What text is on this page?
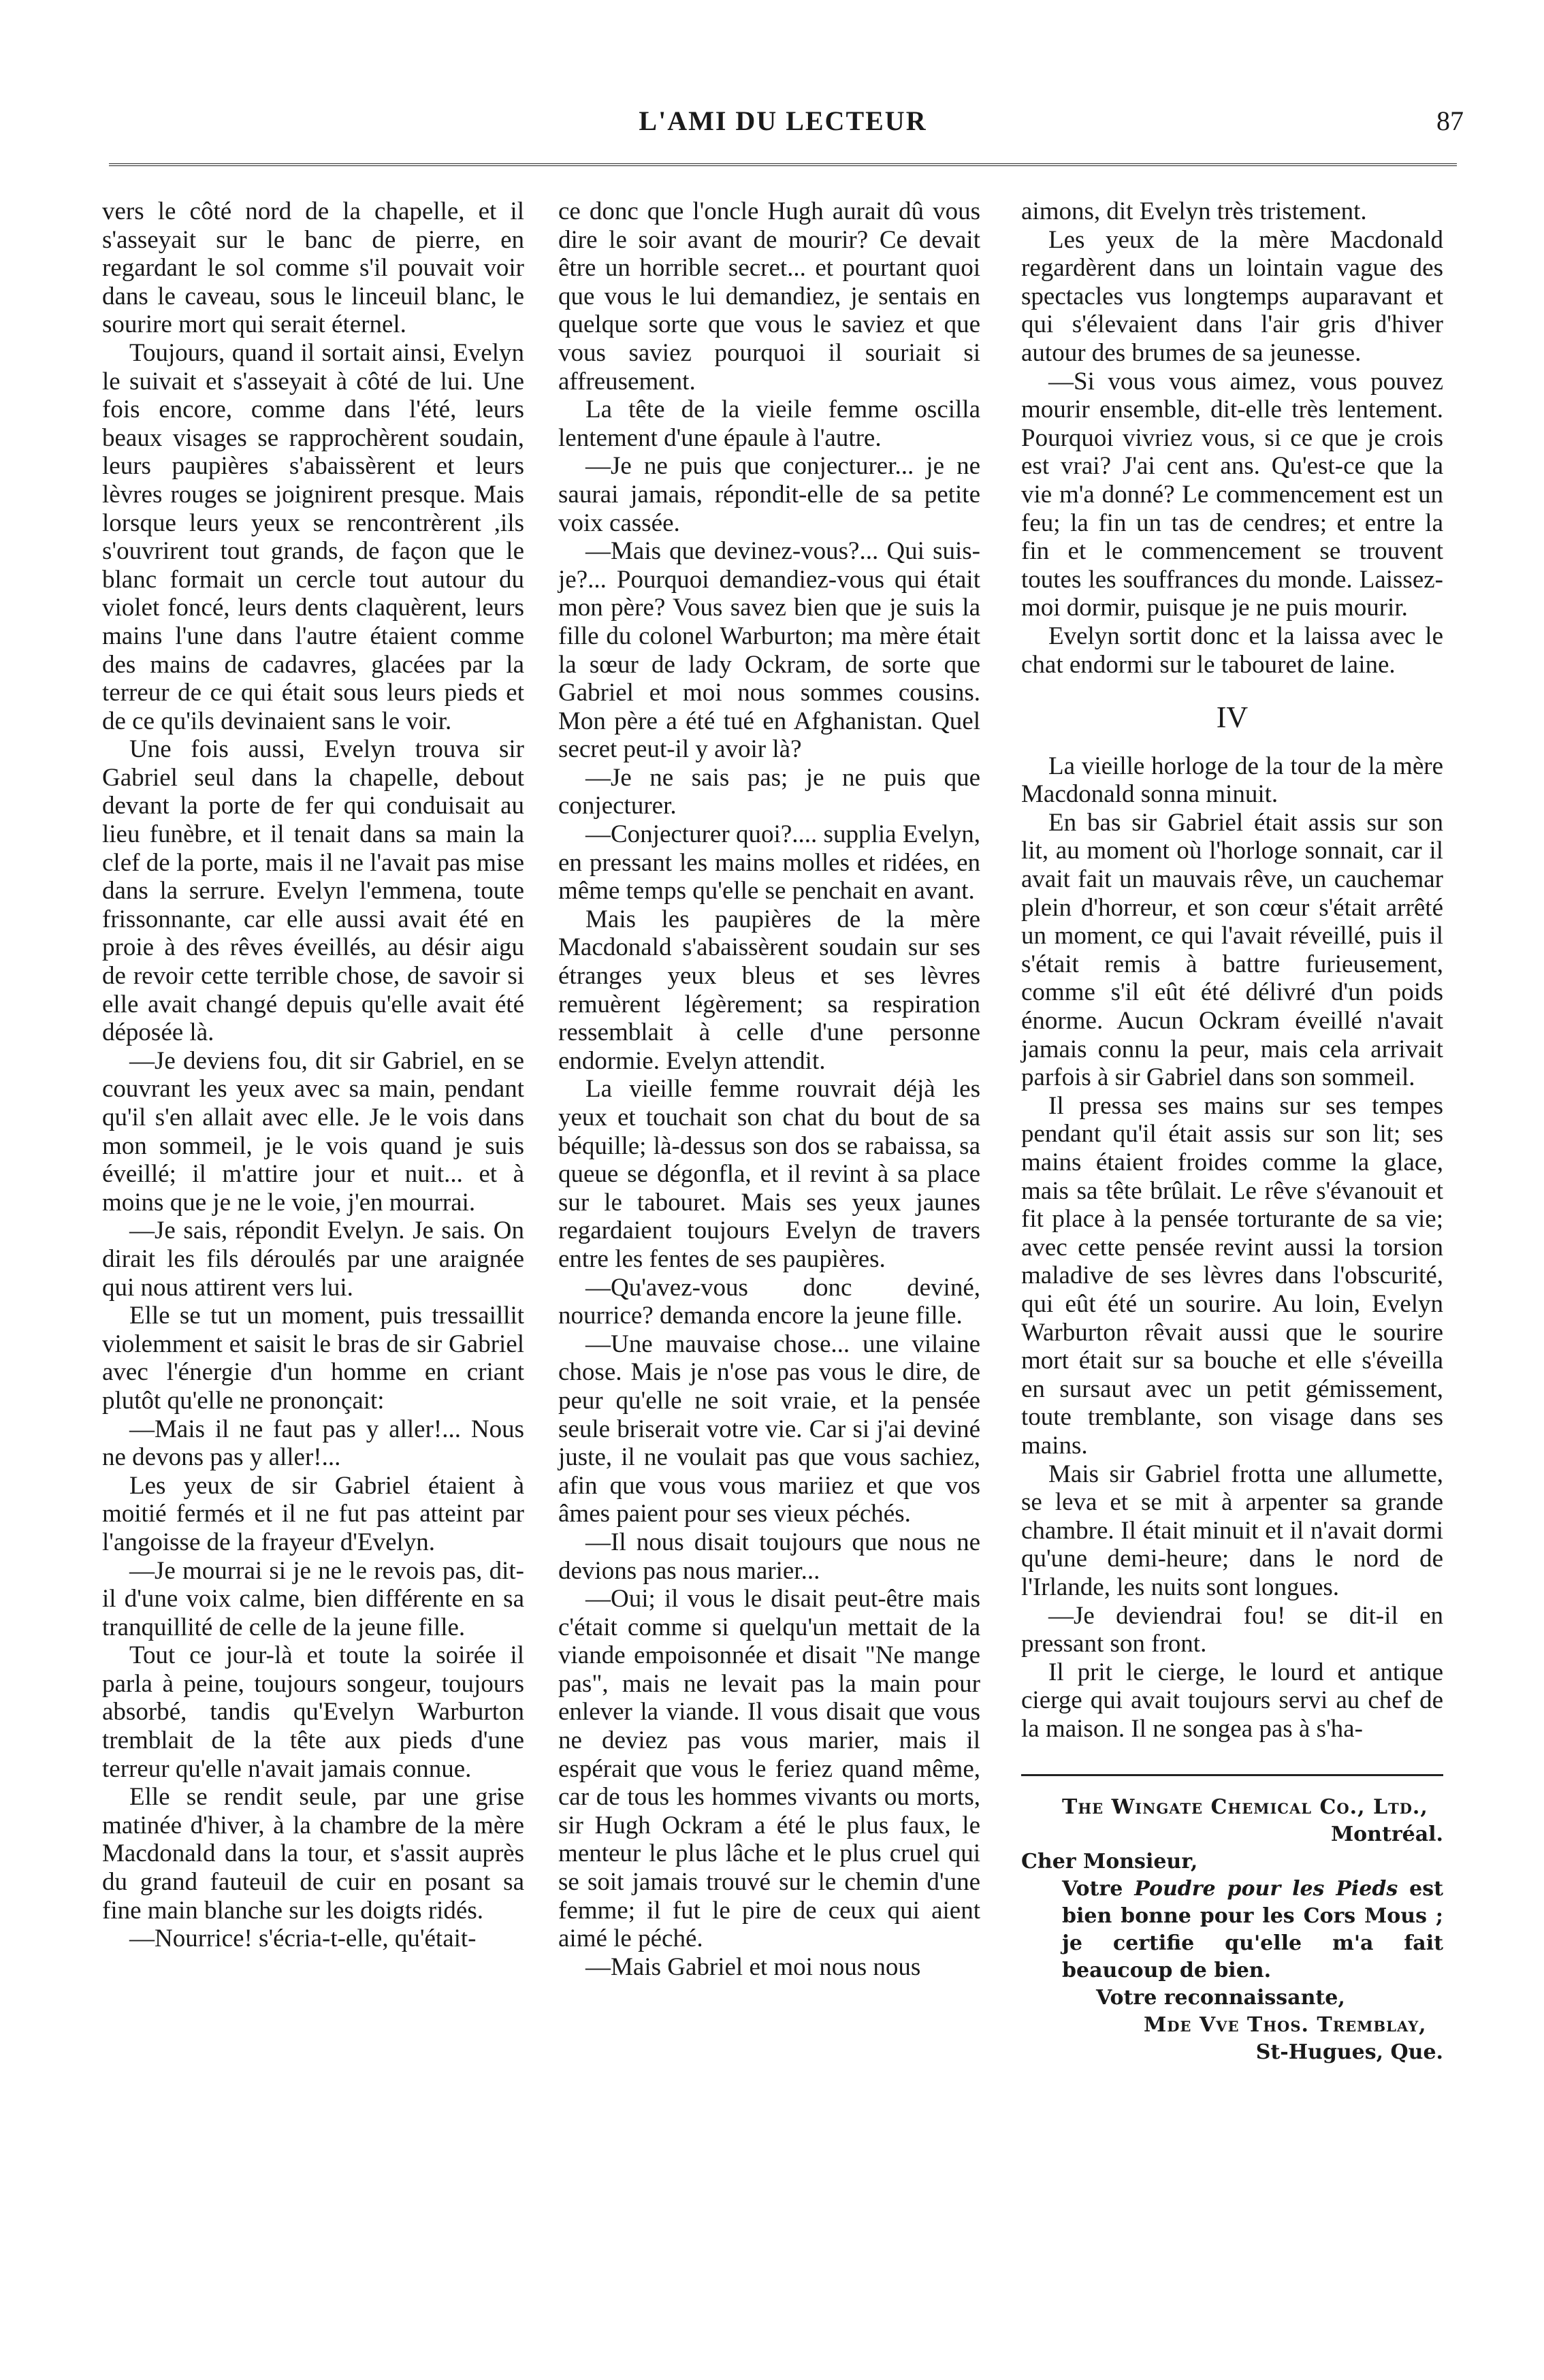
L'AMI DU LECTEUR	87

vers le côté nord de la chapelle, et il s'asseyait sur le banc de pierre, en regardant le sol comme s'il pouvait voir dans le caveau, sous le linceuil blanc, le sourire mort qui serait éternel.

Toujours, quand il sortait ainsi, Evelyn le suivait et s'asseyait à côté de lui. Une fois encore, comme dans l'été, leurs beaux visages se rapprochèrent soudain, leurs paupières s'abaissèrent et leurs lèvres rouges se joignirent presque. Mais lorsque leurs yeux se rencontrèrent ,ils s'ouvrirent tout grands, de façon que le blanc formait un cercle tout autour du violet foncé, leurs dents claquèrent, leurs mains l'une dans l'autre étaient comme des mains de cadavres, glacées par la terreur de ce qui était sous leurs pieds et de ce qu'ils devinaient sans le voir.

Une fois aussi, Evelyn trouva sir Gabriel seul dans la chapelle, debout devant la porte de fer qui conduisait au lieu funèbre, et il tenait dans sa main la clef de la porte, mais il ne l'avait pas mise dans la serrure. Evelyn l'emmena, toute frissonnante, car elle aussi avait été en proie à des rêves éveillés, au désir aigu de revoir cette terrible chose, de savoir si elle avait changé depuis qu'elle avait été déposée là.

—Je deviens fou, dit sir Gabriel, en se couvrant les yeux avec sa main, pendant qu'il s'en allait avec elle. Je le vois dans mon sommeil, je le vois quand je suis éveillé; il m'attire jour et nuit... et à moins que je ne le voie, j'en mourrai.

—Je sais, répondit Evelyn. Je sais. On dirait les fils déroulés par une araignée qui nous attirent vers lui.

Elle se tut un moment, puis tressaillit violemment et saisit le bras de sir Gabriel avec l'énergie d'un homme en criant plutôt qu'elle ne prononçait:

—Mais il ne faut pas y aller!... Nous ne devons pas y aller!...

Les yeux de sir Gabriel étaient à moitié fermés et il ne fut pas atteint par l'angoisse de la frayeur d'Evelyn.

—Je mourrai si je ne le revois pas, dit-il d'une voix calme, bien différente en sa tranquillité de celle de la jeune fille.

Tout ce jour-là et toute la soirée il parla à peine, toujours songeur, toujours absorbé, tandis qu'Evelyn Warburton tremblait de la tête aux pieds d'une terreur qu'elle n'avait jamais connue.

Elle se rendit seule, par une grise matinée d'hiver, à la chambre de la mère Macdonald dans la tour, et s'assit auprès du grand fauteuil de cuir en posant sa fine main blanche sur les doigts ridés.

—Nourrice! s'écria-t-elle, qu'était-

ce donc que l'oncle Hugh aurait dû vous dire le soir avant de mourir? Ce devait être un horrible secret... et pourtant quoi que vous le lui demandiez, je sentais en quelque sorte que vous le saviez et que vous saviez pourquoi il souriait si affreusement.

La tête de la vieile femme oscilla lentement d'une épaule à l'autre.

—Je ne puis que conjecturer... je ne saurai jamais, répondit-elle de sa petite voix cassée.

—Mais que devinez-vous?... Qui suis-je?... Pourquoi demandiez-vous qui était mon père? Vous savez bien que je suis la fille du colonel Warburton; ma mère était la sœur de lady Ockram, de sorte que Gabriel et moi nous sommes cousins. Mon père a été tué en Afghanistan. Quel secret peut-il y avoir là?

—Je ne sais pas; je ne puis que conjecturer.

—Conjecturer quoi?.... supplia Evelyn, en pressant les mains molles et ridées, en même temps qu'elle se penchait en avant.

Mais les paupières de la mère Macdonald s'abaissèrent soudain sur ses étranges yeux bleus et ses lèvres remuèrent légèrement; sa respiration ressemblait à celle d'une personne endormie. Evelyn attendit.

La vieille femme rouvrait déjà les yeux et touchait son chat du bout de sa béquille; là-dessus son dos se rabaissa, sa queue se dégonfla, et il revint à sa place sur le tabouret. Mais ses yeux jaunes regardaient toujours Evelyn de travers entre les fentes de ses paupières.

—Qu'avez-vous donc deviné, nourrice? demanda encore la jeune fille.

—Une mauvaise chose... une vilaine chose. Mais je n'ose pas vous le dire, de peur qu'elle ne soit vraie, et la pensée seule briserait votre vie. Car si j'ai deviné juste, il ne voulait pas que vous sachiez, afin que vous vous mariiez et que vos âmes paient pour ses vieux péchés.

—Il nous disait toujours que nous ne devions pas nous marier...

—Oui; il vous le disait peut-être mais c'était comme si quelqu'un mettait de la viande empoisonnée et disait "Ne mange pas", mais ne levait pas la main pour enlever la viande. Il vous disait que vous ne deviez pas vous marier, mais il espérait que vous le feriez quand même, car de tous les hommes vivants ou morts, sir Hugh Ockram a été le plus faux, le menteur le plus lâche et le plus cruel qui se soit jamais trouvé sur le chemin d'une femme; il fut le pire de ceux qui aient aimé le péché.

—Mais Gabriel et moi nous nous

aimons, dit Evelyn très tristement.

Les yeux de la mère Macdonald regardèrent dans un lointain vague des spectacles vus longtemps auparavant et qui s'élevaient dans l'air gris d'hiver autour des brumes de sa jeunesse.

—Si vous vous aimez, vous pouvez mourir ensemble, dit-elle très lentement. Pourquoi vivriez vous, si ce que je crois est vrai? J'ai cent ans. Qu'est-ce que la vie m'a donné? Le commencement est un feu; la fin un tas de cendres; et entre la fin et le commencement se trouvent toutes les souffrances du monde. Laissez-moi dormir, puisque je ne puis mourir.

Evelyn sortit donc et la laissa avec le chat endormi sur le tabouret de laine.

IV

La vieille horloge de la tour de la mère Macdonald sonna minuit.

En bas sir Gabriel était assis sur son lit, au moment où l'horloge sonnait, car il avait fait un mauvais rêve, un cauchemar plein d'horreur, et son cœur s'était arrêté un moment, ce qui l'avait réveillé, puis il s'était remis à battre furieusement, comme s'il eût été délivré d'un poids énorme. Aucun Ockram éveillé n'avait jamais connu la peur, mais cela arrivait parfois à sir Gabriel dans son sommeil.

Il pressa ses mains sur ses tempes pendant qu'il était assis sur son lit; ses mains étaient froides comme la glace, mais sa tête brûlait. Le rêve s'évanouit et fit place à la pensée torturante de sa vie; avec cette pensée revint aussi la torsion maladive de ses lèvres dans l'obscurité, qui eût été un sourire. Au loin, Evelyn Warburton rêvait aussi que le sourire mort était sur sa bouche et elle s'éveilla en sursaut avec un petit gémissement, toute tremblante, son visage dans ses mains.

Mais sir Gabriel frotta une allumette, se leva et se mit à arpenter sa grande chambre. Il était minuit et il n'avait dormi qu'une demi-heure; dans le nord de l'Irlande, les nuits sont longues.

—Je deviendrai fou! se dit-il en pressant son front.

Il prit le cierge, le lourd et antique cierge qui avait toujours servi au chef de la maison. Il ne songea pas à s'ha-

The Wingate Chemical Co., Ltd.,
Montréal.
Cher Monsieur,
Votre Poudre pour les Pieds est bien bonne pour les Cors Mous ; je certifie qu'elle m'a fait beaucoup de bien.
Votre reconnaissante,
Mde Vve Thos. Tremblay,
St-Hugues, Que.
